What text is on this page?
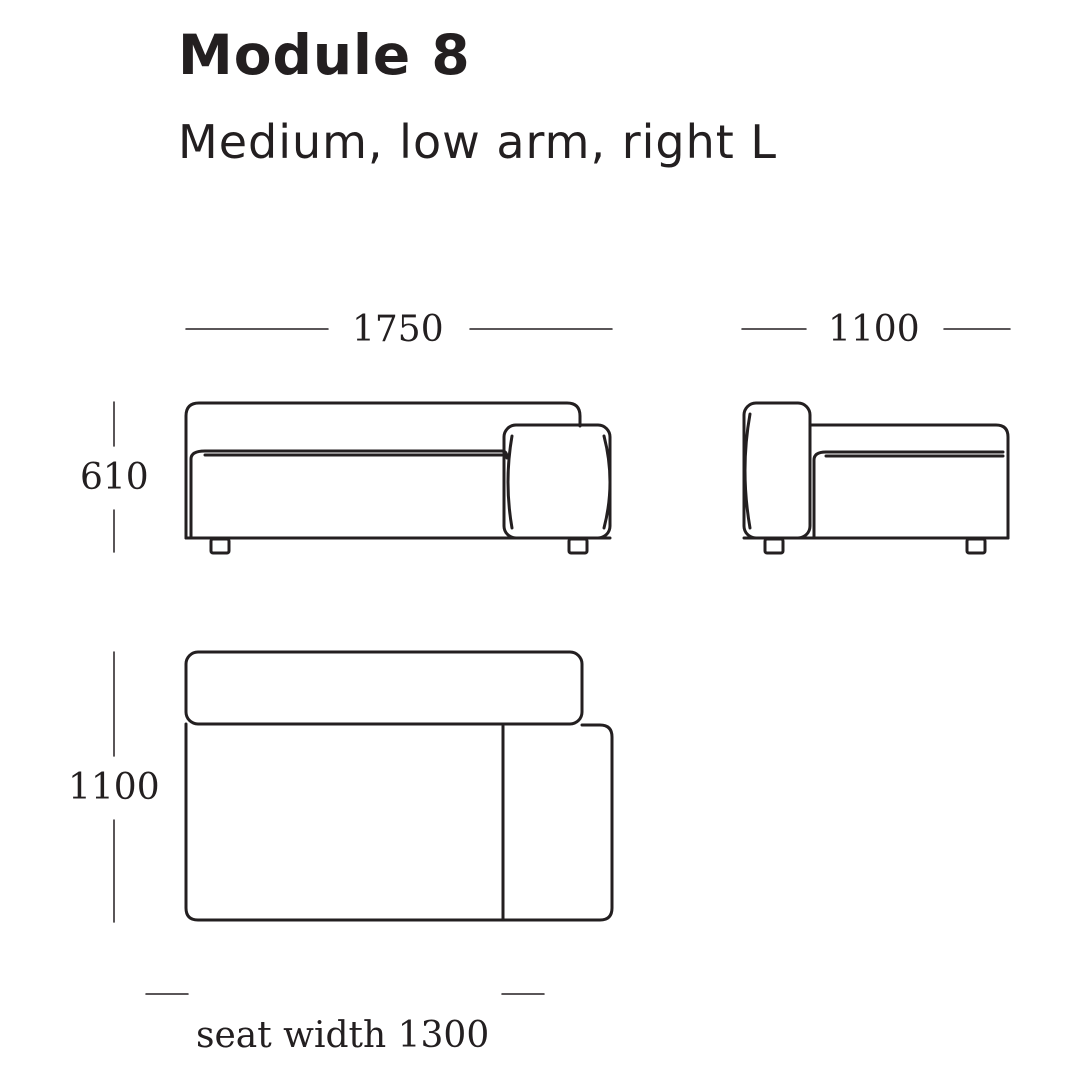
Module 8
Medium, low arm, right L
1750	1100
610
1100
seat width 1300
